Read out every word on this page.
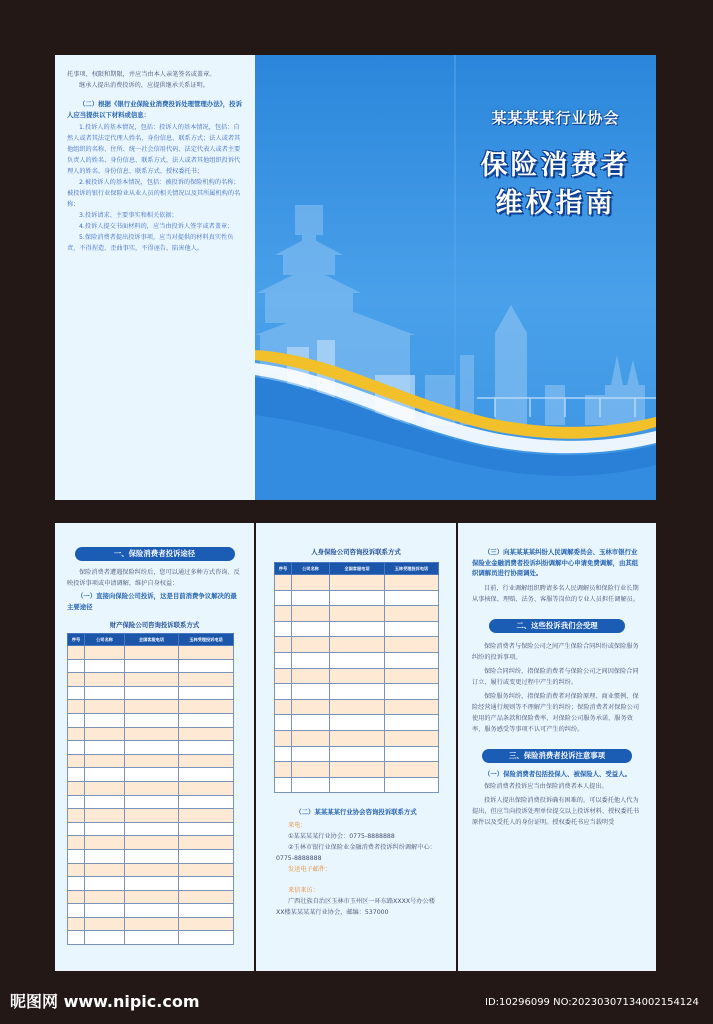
托事项、权限和期限，并应当由本人亲笔签名或盖章。

继承人提出消费投诉的，应提供继承关系证明。

（二）根据《银行业保险业消费投诉处理管理办法》，投诉人应当提供以下材料或信息：

1.投诉人的基本情况，包括：投诉人的基本情况，包括：自然人或者其法定代理人姓名、身份信息、联系方式；法人或者其他组织的名称、住所、统一社会信用代码、法定代表人或者主要负责人的姓名、身份信息、联系方式，法人或者其他组织投诉代理人的姓名、身份信息、联系方式、授权委托书；

2.被投诉人的基本情况，包括：被投诉的保险机构的名称；被投诉的银行业保险业从业人员的相关情况以及其所属机构的名称；

3.投诉请求、主要事实和相关依据；

4.投诉人提交书面材料的，应当由投诉人签字或者盖章；

5.保险消费者提出投诉事项，应当对提供的材料真实性负责，不得捏造、歪曲事实，不得诬告、陷害他人。

某某某某行业协会
保险消费者
维权指南
一、保险消费者投诉途径

保险消费者遭遇保险纠纷后，您可以通过多种方式咨询、反映投诉事项或申请调解，维护自身权益：

（一）直接向保险公司投诉，这是目前消费争议解决的最主要途径

财产保险公司咨询投诉联系方式
序号	公司名称	全国客服电话	玉林受理投诉电话

人身保险公司咨询投诉联系方式
序号	公司名称	全国客服电话	玉林受理投诉电话

（二）某某某某行业协会咨询投诉联系方式

来电：

①某某某某行业协会：0775-8888888

②玉林市银行业保险业金融消费者投诉纠纷调解中心：0775-8888888

发送电子邮件：

来信来访：

广西壮族自治区玉林市玉州区一环东路XXXX号办公楼XX楼某某某某行业协会，邮编：537000

（三）向某某某某纠纷人民调解委员会、玉林市银行业保险业金融消费者投诉纠纷调解中心申请免费调解，由其组织调解员进行协商调处。

目前，行业调解组织聘请多名人民调解员和保险行业长期从事核保、理赔、法务、客服等岗位的专业人员担任调解员。

二、这些投诉我们会受理

保险消费者与保险公司之间产生保险合同纠纷或保险服务纠纷的投诉事项。

保险合同纠纷，指保险消费者与保险公司之间因保险合同订立、履行或变更过程中产生的纠纷。

保险服务纠纷，指保险消费者对保险原理、商业惯例、保险经营通行规则等不理解产生的纠纷；保险消费者对保险公司使用的产品条款和保险费率，对保险公司服务承诺、服务效率、服务感受等事项不认可产生的纠纷。

三、保险消费者投诉注意事项

（一）保险消费者包括投保人、被保险人、受益人。

保险消费者投诉应当由保险消费者本人提出。

投诉人提出保险消费投诉确有困难的，可以委托他人代为提出，但应当向投诉处理单位提交以上投诉材料、授权委托书原件以及受托人的身份证明。授权委托书应当载明受

昵图网 www.nipic.com	ID:10296099 NO:20230307134002154124
